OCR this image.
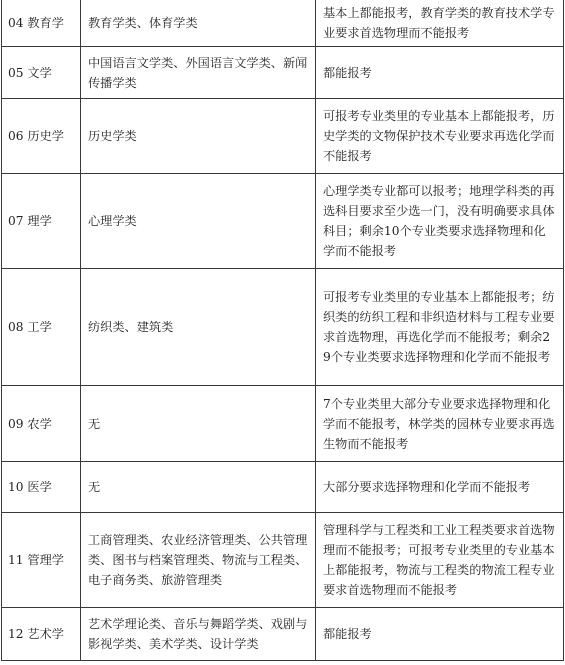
04 教育学	教育学类、体育学类	基本上都能报考，教育学类的教育技术学专业要求首选物理而不能报考
05 文学	中国语言文学类、外国语言文学类、新闻传播学类	都能报考
06 历史学	历史学类	可报考专业类里的专业基本上都能报考，历史学类的文物保护技术专业要求再选化学而不能报考
07 理学	心理学类	心理学类专业都可以报考；地理学科类的再选科目要求至少选一门，没有明确要求具体科目；剩余10个专业类要求选择物理和化学而不能报考
08 工学	纺织类、建筑类	可报考专业类里的专业基本上都能报考；纺织类的纺织工程和非织造材料与工程专业要求首选物理，再选化学而不能报考；剩余29个专业类要求选择物理和化学而不能报考
09 农学	无	7个专业类里大部分专业要求选择物理和化学而不能报考，林学类的园林专业要求再选生物而不能报考
10 医学	无	大部分要求选择物理和化学而不能报考
11 管理学	工商管理类、农业经济管理类、公共管理类、图书与档案管理类、物流与工程类、电子商务类、旅游管理类	管理科学与工程类和工业工程类要求首选物理而不能报考；可报考专业类里的专业基本上都能报考，物流与工程类的物流工程专业要求首选物理而不能报考
12 艺术学	艺术学理论类、音乐与舞蹈学类、戏剧与影视学类、美术学类、设计学类	都能报考
